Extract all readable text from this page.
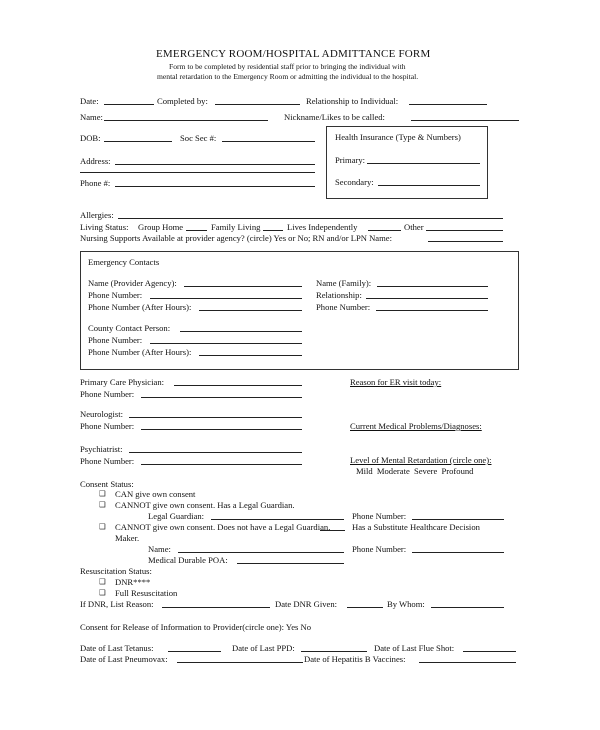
EMERGENCY ROOM/HOSPITAL ADMITTANCE FORM
Form to be completed by residential staff prior to bringing the individual with
mental retardation to the Emergency Room or admitting the individual to the hospital.
Date:	Completed by:	Relationship to Individual:
Name:	Nickname/Likes to be called:
DOB:	Soc Sec #:
Address:
Phone #:
Health Insurance (Type & Numbers)
Primary:
Secondary:
Allergies:
Living Status: Group Home	Family Living	Lives Independently	Other
Nursing Supports Available at provider agency? (circle) Yes or No; RN and/or LPN Name:
Emergency Contacts
Name (Provider Agency):
Phone Number:
Phone Number (After Hours):
Name (Family):
Relationship:
Phone Number:
County Contact Person:
Phone Number:
Phone Number (After Hours):
Primary Care Physician:
Phone Number:
Neurologist:
Phone Number:
Psychiatrist:
Phone Number:
Reason for ER visit today:
Current Medical Problems/Diagnoses:
Level of Mental Retardation (circle one):
Mild Moderate Severe Profound
Consent Status:
❑ CAN give own consent
❑ CANNOT give own consent. Has a Legal Guardian.
Legal Guardian:	Phone Number:
❑ CANNOT give own consent. Does not have a Legal Guardian.	Has a Substitute Healthcare Decision
Maker.
Name:	Phone Number:
Medical Durable POA:
Resuscitation Status:
❑ DNR****
❑ Full Resuscitation
If DNR, List Reason:	Date DNR Given:	By Whom:
Consent for Release of Information to Provider(circle one): Yes No
Date of Last Tetanus:	Date of Last PPD:	Date of Last Flue Shot:
Date of Last Pneumovax:	Date of Hepatitis B Vaccines:
